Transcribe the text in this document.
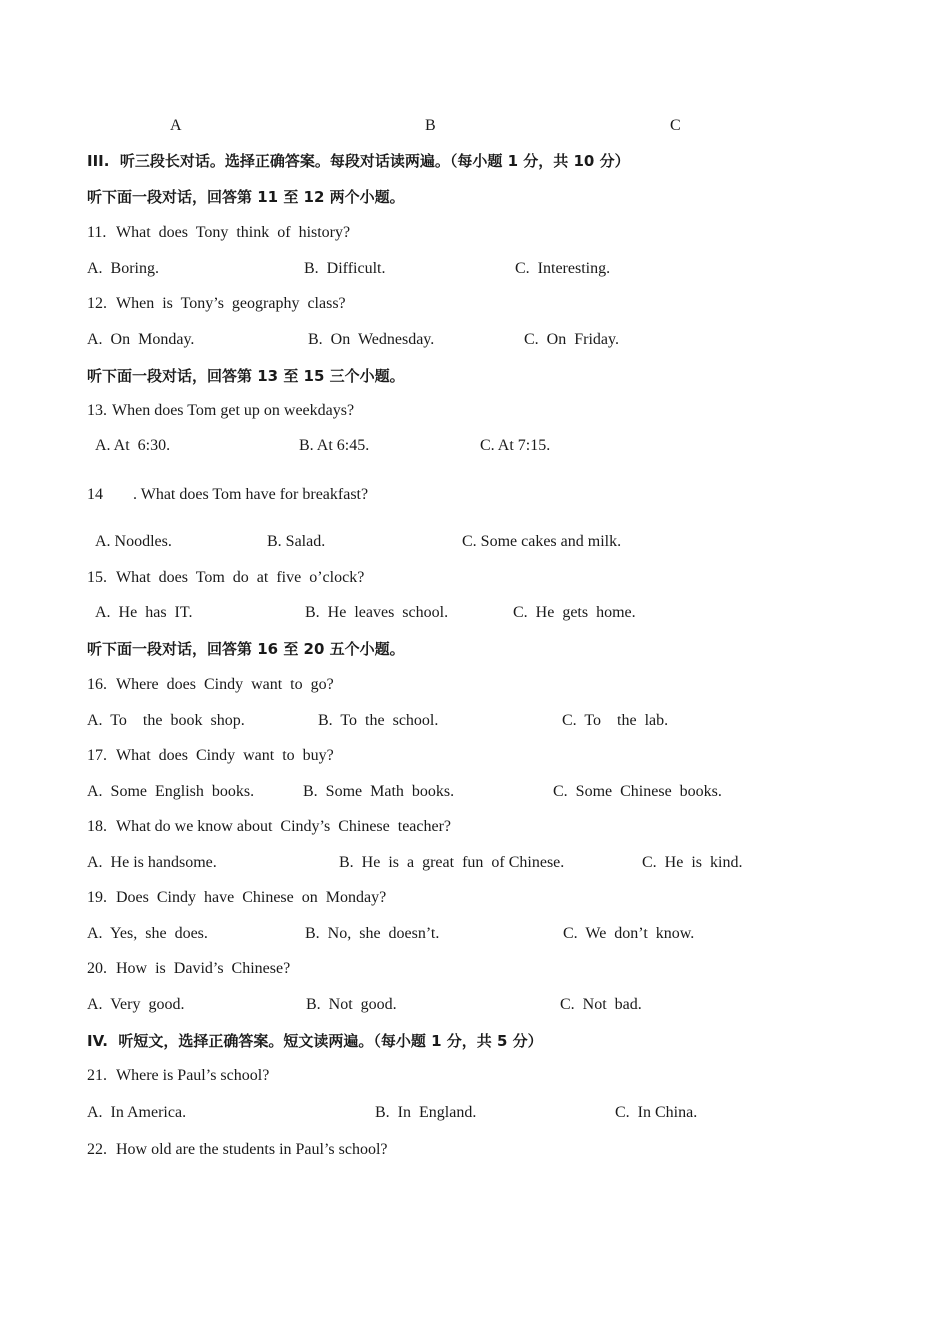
A	B	C
III.  听三段长对话。选择正确答案。每段对话读两遍。（每小题 1 分，共 10 分）
听下面一段对话，回答第 11 至 12 两个小题。
11. What  does  Tony  think  of  history?
A.  Boring.	B.  Difficult.	C.  Interesting.
12. When  is  Tony’s  geography  class?
A.  On  Monday.	B.  On  Wednesday.	C.  On  Friday.
听下面一段对话，回答第 13 至 15 三个小题。
13. When does Tom get up on weekdays?
A. At  6:30.	B. At 6:45.	C. At 7:15.
14 . What does Tom have for breakfast?
A. Noodles.	B. Salad.	C. Some cakes and milk.
15. What  does  Tom  do  at  five  o’clock?
A.  He  has  IT.	B.  He  leaves  school.	C.  He  gets  home.
听下面一段对话，回答第 16 至 20 五个小题。
16. Where  does  Cindy  want  to  go?
A.  To    the  book  shop.	B.  To  the  school.	C.  To    the  lab.
17. What  does  Cindy  want  to  buy?
A.  Some  English  books.	B.  Some  Math  books.	C.  Some  Chinese  books.
18. What do we know about  Cindy’s  Chinese  teacher?
A.  He is handsome.	B.  He  is  a  great  fun  of Chinese.	C.  He  is  kind.
19. Does  Cindy  have  Chinese  on  Monday?
A.  Yes,  she  does.	B.  No,  she  doesn’t.	C.  We  don’t  know.
20. How  is  David’s  Chinese?
A.  Very  good.	B.  Not  good.	C.  Not  bad.
IV.  听短文，选择正确答案。短文读两遍。（每小题 1 分，共 5 分）
21. Where is Paul’s school?
A.  In America.	B.  In  England.	C.  In China.
22. How old are the students in Paul’s school?
